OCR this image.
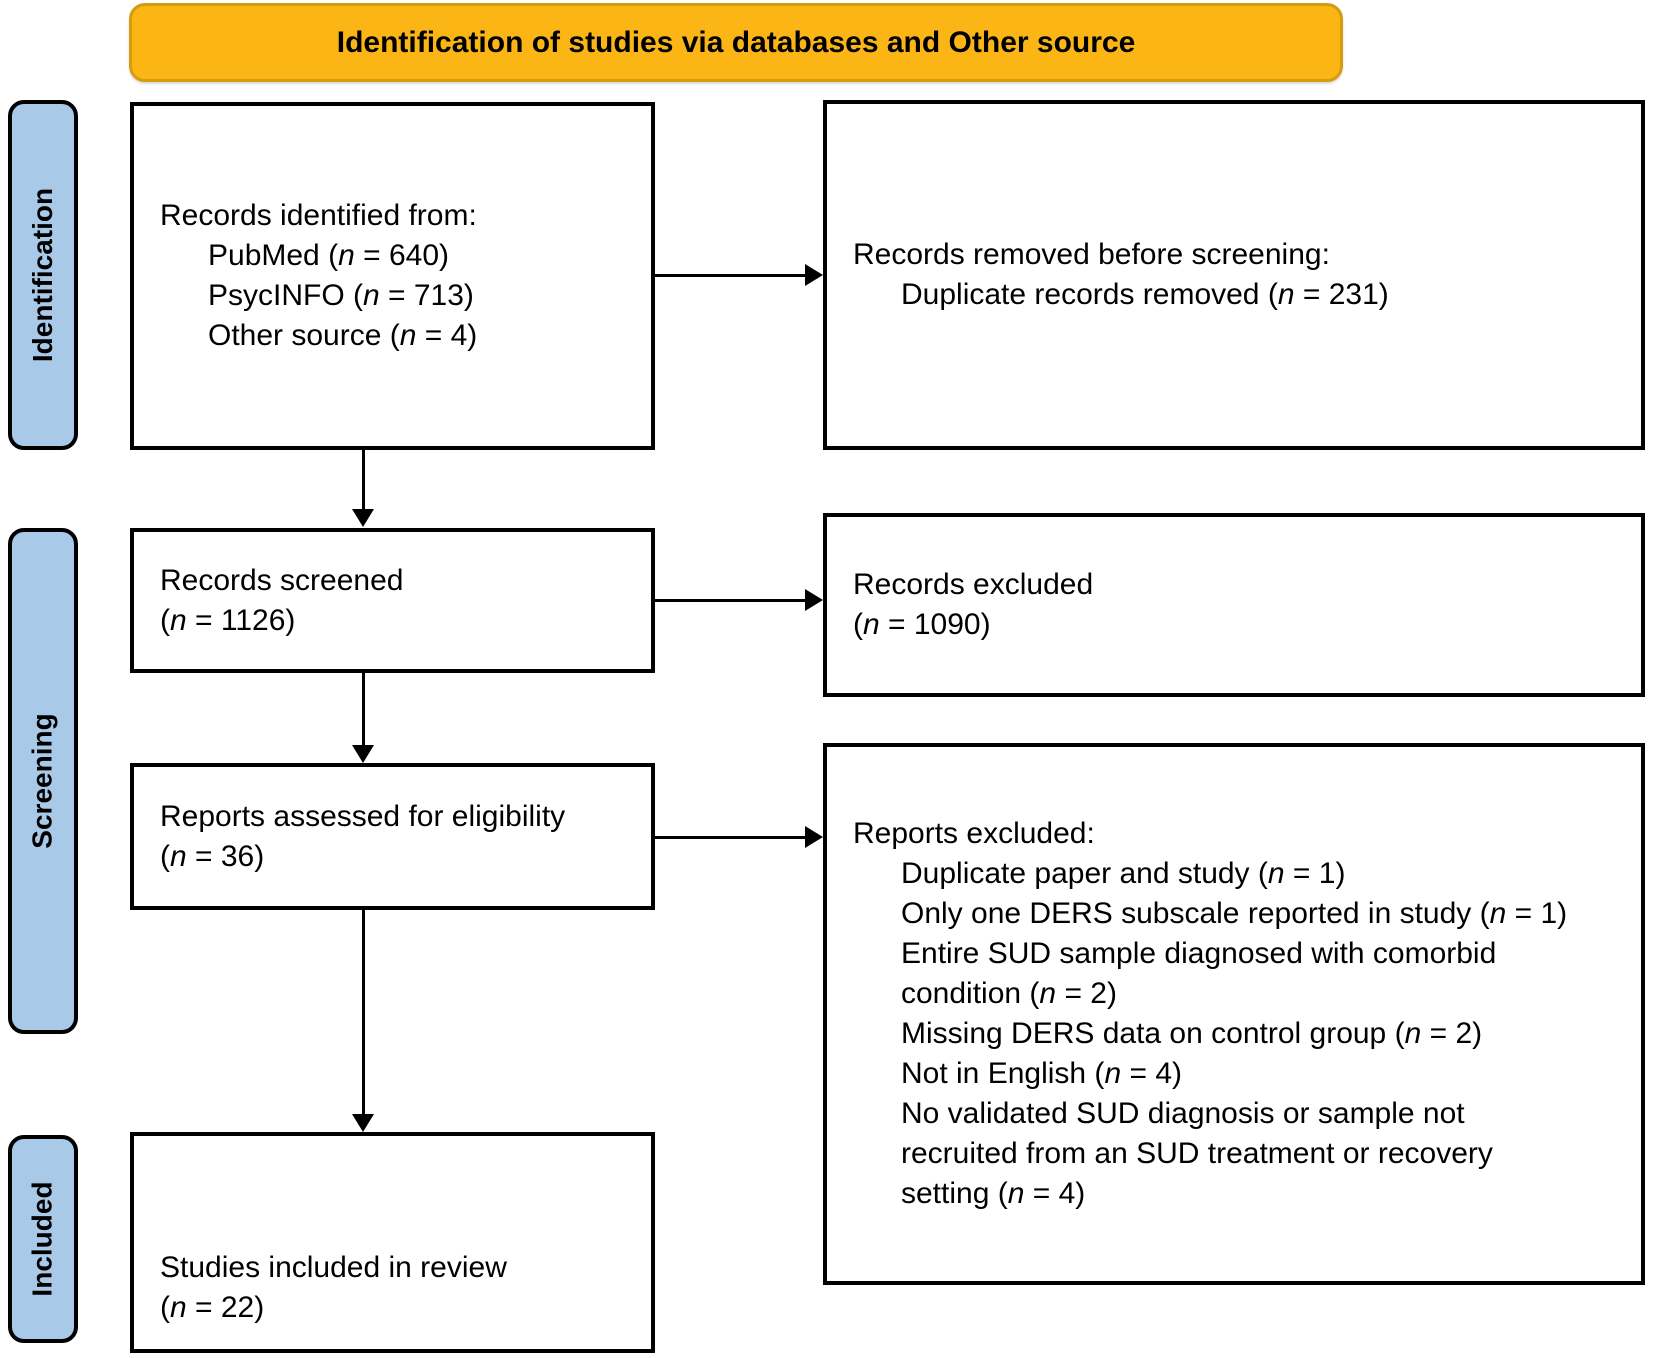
Identification of studies via databases and Other source
Identification
Screening
Included
Records identified from:
PubMed (n = 640)
PsycINFO (n = 713)
Other source (n = 4)
Records removed before screening:
Duplicate records removed (n = 231)
Records screened
(n = 1126)
Records excluded
(n = 1090)
Reports assessed for eligibility
(n = 36)
Reports excluded:
Duplicate paper and study (n = 1)
Only one DERS subscale reported in study (n = 1)
Entire SUD sample diagnosed with comorbid
condition (n = 2)
Missing DERS data on control group (n = 2)
Not in English (n = 4)
No validated SUD diagnosis or sample not
recruited from an SUD treatment or recovery
setting (n = 4)
Studies included in review
(n = 22)
